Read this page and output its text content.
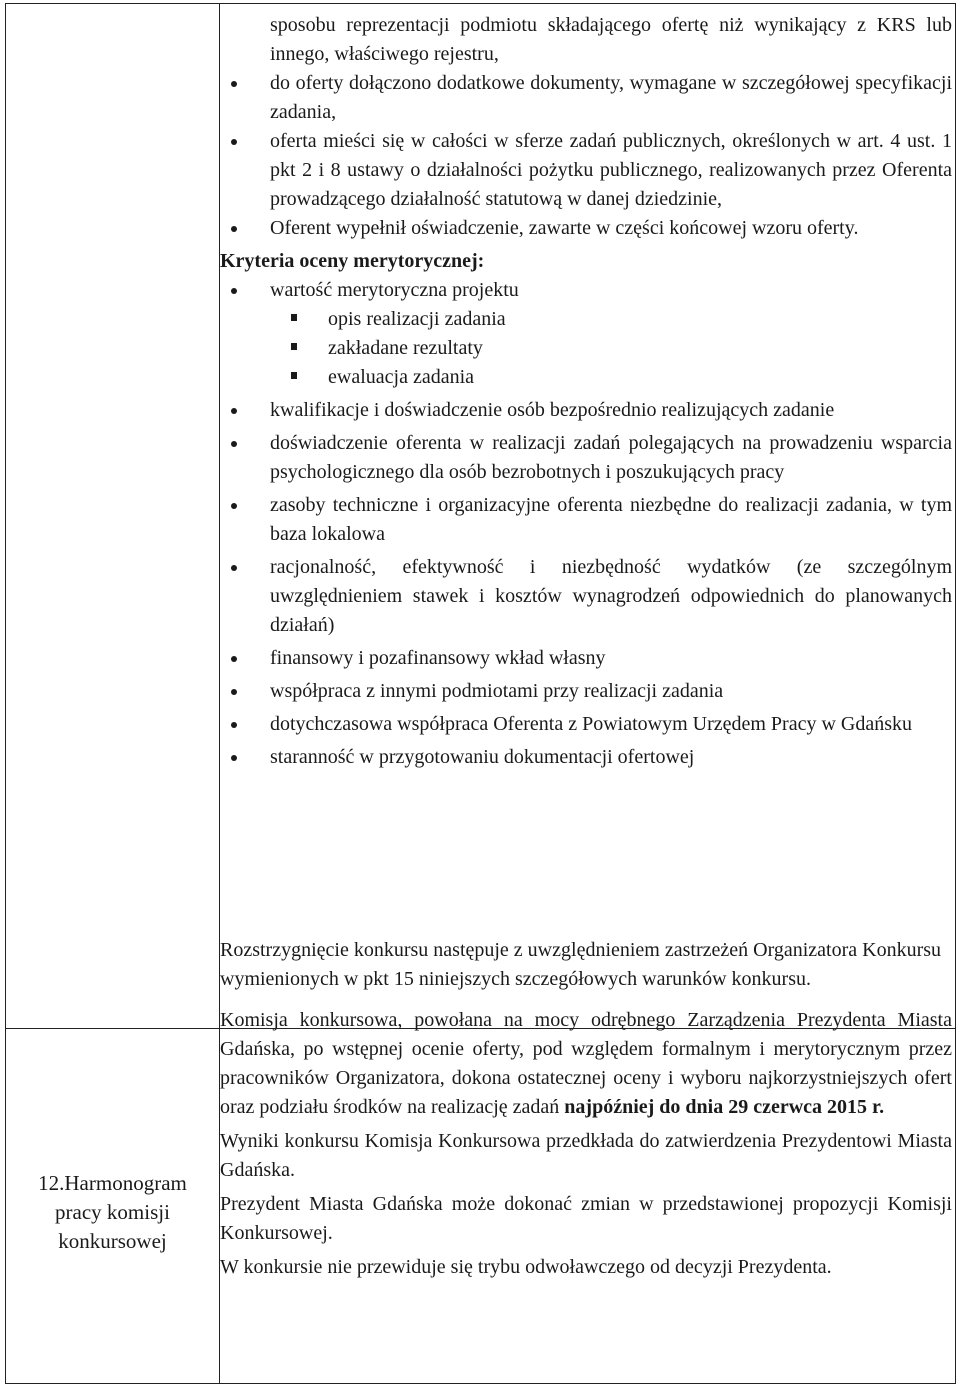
12.Harmonogram
pracy komisji
konkursowej
sposobu reprezentacji podmiotu składającego ofertę niż wynikający z KRS lub innego, właściwego rejestru,
do oferty dołączono dodatkowe dokumenty, wymagane w szczegółowej specyfikacji zadania,
oferta mieści się w całości w sferze zadań publicznych, określonych w art. 4 ust. 1 pkt 2 i 8 ustawy o działalności pożytku publicznego, realizowanych przez Oferenta prowadzącego działalność statutową w danej dziedzinie,
Oferent wypełnił oświadczenie, zawarte w części końcowej wzoru oferty.
Kryteria oceny merytorycznej:
wartość merytoryczna projektu
opis realizacji zadania
zakładane rezultaty
ewaluacja zadania
kwalifikacje i doświadczenie osób bezpośrednio realizujących zadanie
doświadczenie oferenta w realizacji zadań polegających na prowadzeniu wsparcia psychologicznego dla osób bezrobotnych i poszukujących pracy
zasoby techniczne i organizacyjne oferenta niezbędne do realizacji zadania, w tym baza lokalowa
racjonalność, efektywność i niezbędność wydatków (ze szczególnym uwzględnieniem stawek i kosztów wynagrodzeń odpowiednich do planowanych działań)
finansowy i pozafinansowy wkład własny
współpraca z innymi podmiotami przy realizacji zadania
dotychczasowa współpraca Oferenta z Powiatowym Urzędem Pracy w Gdańsku
staranność w przygotowaniu dokumentacji ofertowej
Rozstrzygnięcie konkursu następuje z uwzględnieniem zastrzeżeń Organizatora Konkursu wymienionych w pkt 15 niniejszych szczegółowych warunków konkursu.
Komisja konkursowa, powołana na mocy odrębnego Zarządzenia Prezydenta Miasta Gdańska, po wstępnej ocenie oferty, pod względem formalnym i merytorycznym przez pracowników Organizatora, dokona ostatecznej oceny i wyboru najkorzystniejszych ofert oraz podziału środków na realizację zadań najpóźniej do dnia 29 czerwca 2015 r.
Wyniki konkursu Komisja Konkursowa przedkłada do zatwierdzenia Prezydentowi Miasta Gdańska.
Prezydent Miasta Gdańska może dokonać zmian w przedstawionej propozycji Komisji Konkursowej.
W konkursie nie przewiduje się trybu odwoławczego od decyzji Prezydenta.
